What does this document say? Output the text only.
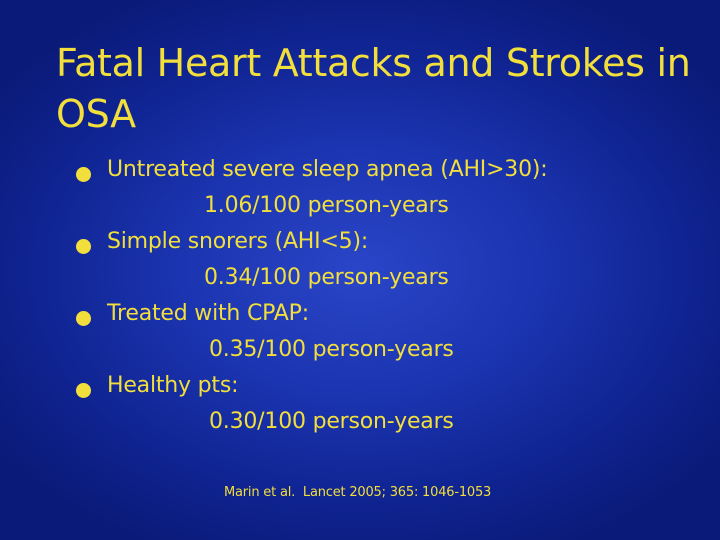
Fatal Heart Attacks and Strokes in OSA
Untreated severe sleep apnea (AHI>30):
1.06/100 person-years
Simple snorers (AHI<5):
0.34/100 person-years
Treated with CPAP:
0.35/100 person-years
Healthy pts:
0.30/100 person-years

Marin et al.  Lancet 2005; 365: 1046-1053
